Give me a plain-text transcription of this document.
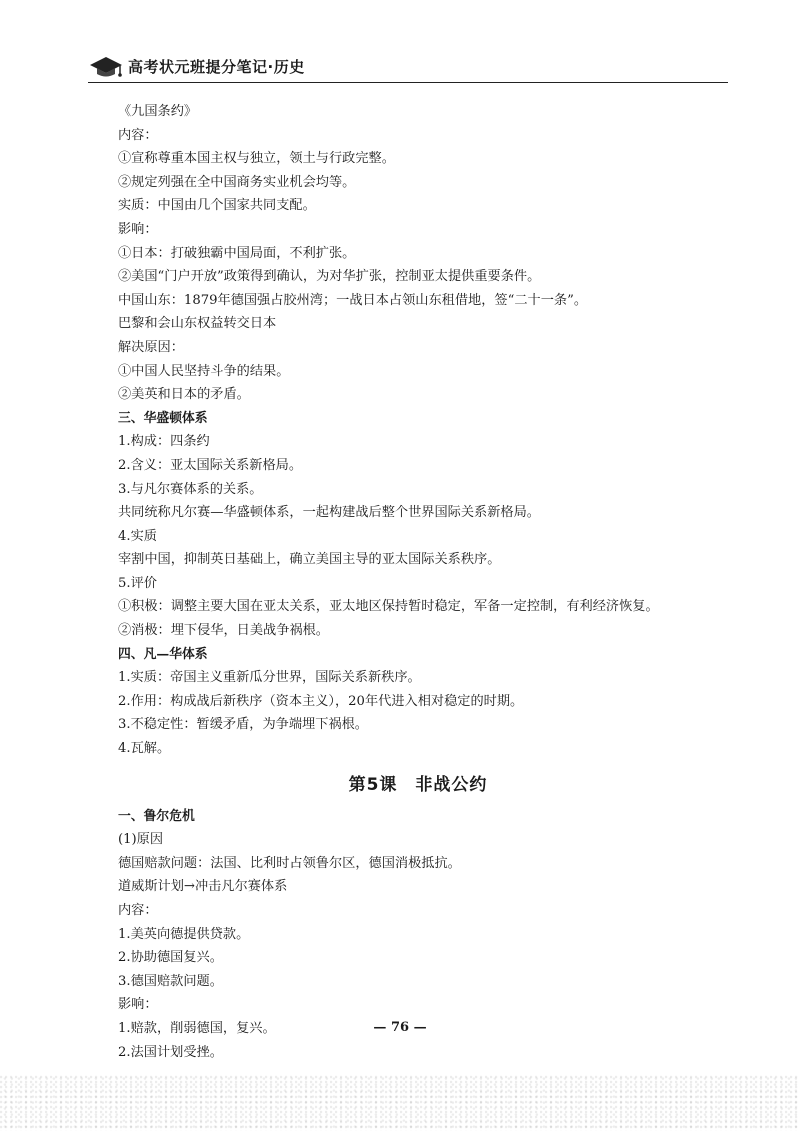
高考状元班提分笔记·历史
《九国条约》
内容：
①宣称尊重本国主权与独立，领土与行政完整。
②规定列强在全中国商务实业机会均等。
实质：中国由几个国家共同支配。
影响：
①日本：打破独霸中国局面，不利扩张。
②美国“门户开放”政策得到确认，为对华扩张，控制亚太提供重要条件。
中国山东：1879年德国强占胶州湾；一战日本占领山东租借地，签“二十一条”。
巴黎和会山东权益转交日本
解决原因：
①中国人民坚持斗争的结果。
②美英和日本的矛盾。
三、华盛顿体系
1.构成：四条约
2.含义：亚太国际关系新格局。
3.与凡尔赛体系的关系。
共同统称凡尔赛—华盛顿体系，一起构建战后整个世界国际关系新格局。
4.实质
宰割中国，抑制英日基础上，确立美国主导的亚太国际关系秩序。
5.评价
①积极：调整主要大国在亚太关系，亚太地区保持暂时稳定，军备一定控制，有利经济恢复。
②消极：埋下侵华，日美战争祸根。
四、凡—华体系
1.实质：帝国主义重新瓜分世界，国际关系新秩序。
2.作用：构成战后新秩序（资本主义），20年代进入相对稳定的时期。
3.不稳定性：暂缓矛盾，为争端埋下祸根。
4.瓦解。
第5课　非战公约
一、鲁尔危机
(1)原因
德国赔款问题：法国、比利时占领鲁尔区，德国消极抵抗。
道威斯计划→冲击凡尔赛体系
内容：
1.美英向德提供贷款。
2.协助德国复兴。
3.德国赔款问题。
影响：
1.赔款，削弱德国，复兴。
2.法国计划受挫。
— 76 —
